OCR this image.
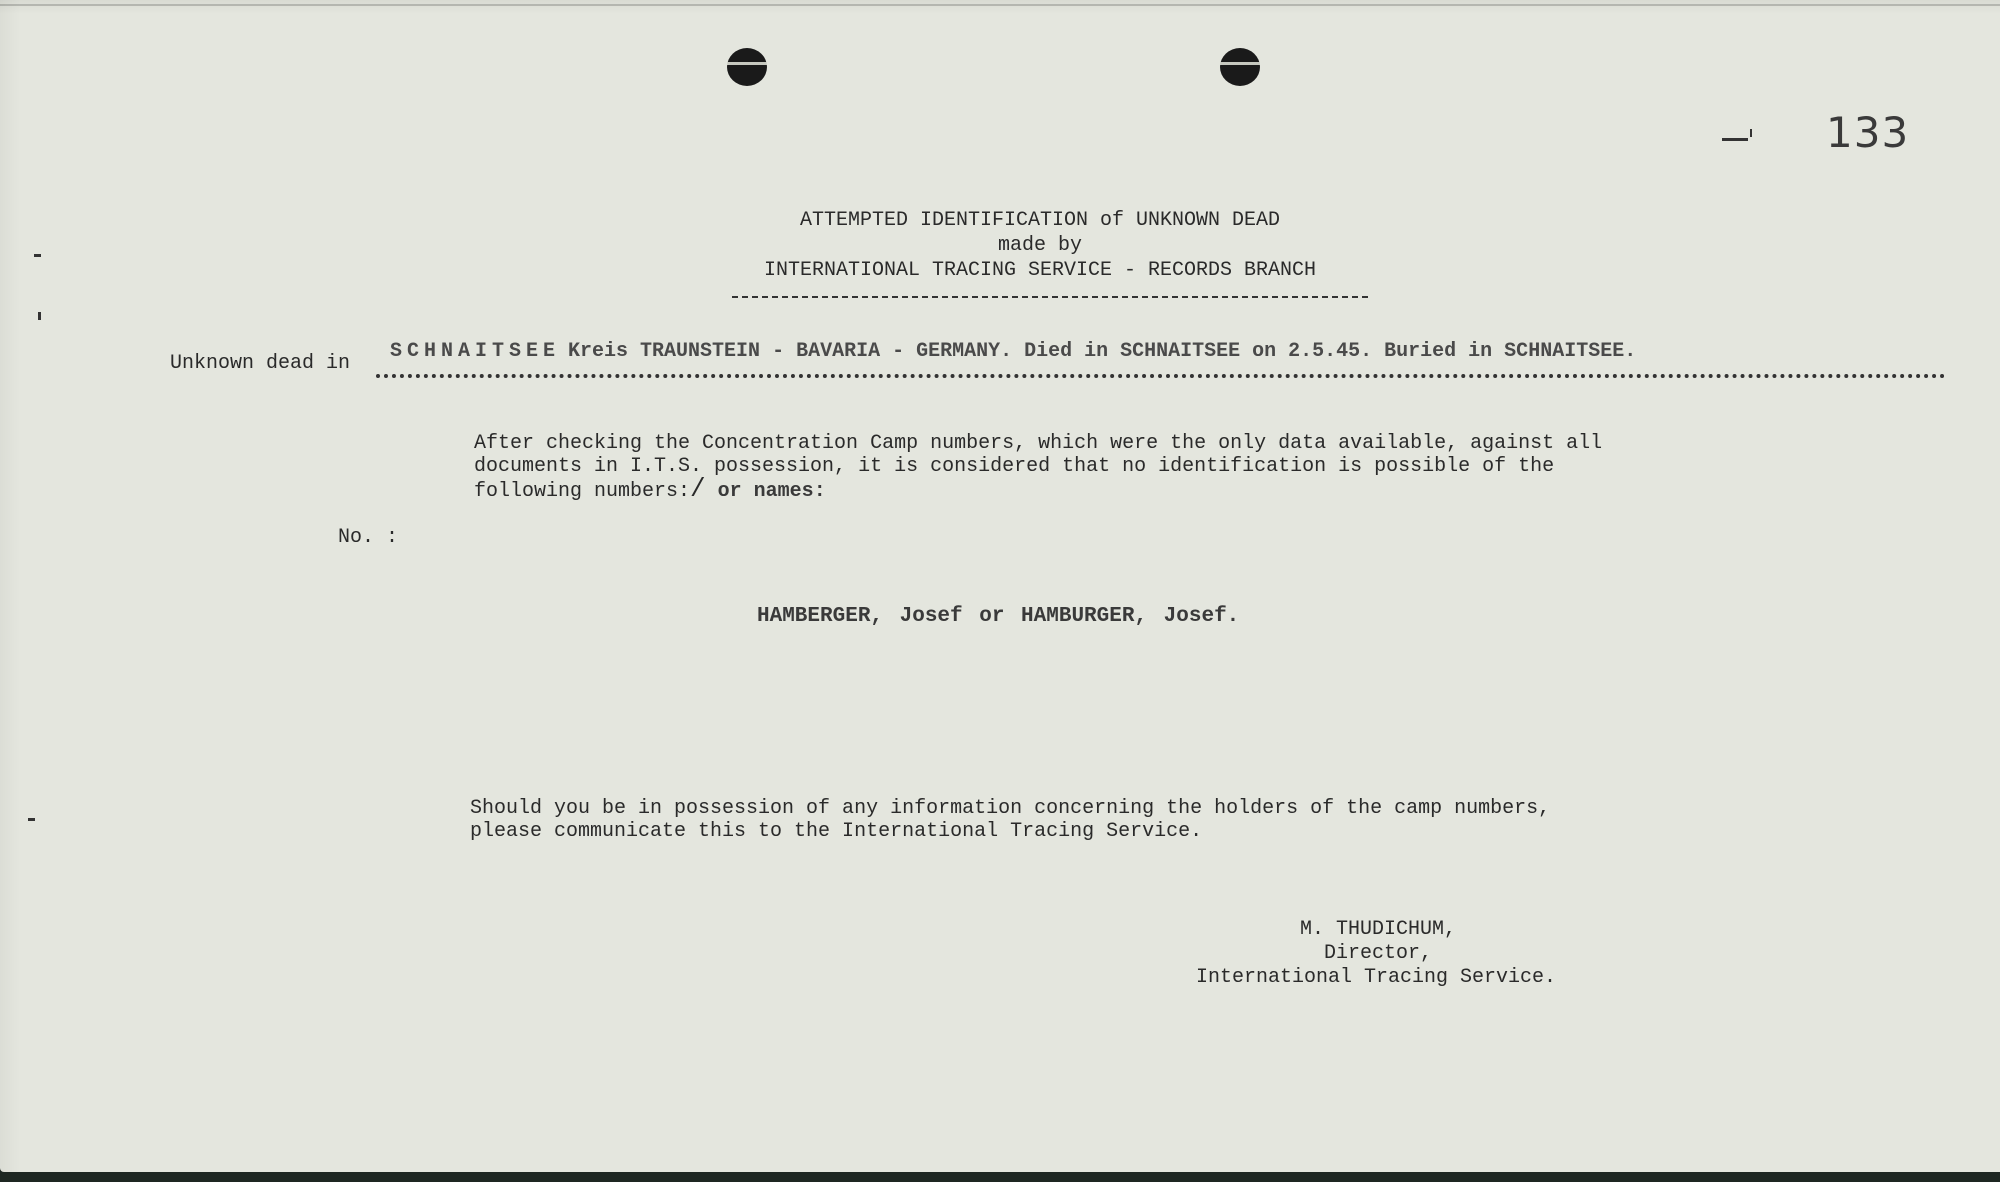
133
ATTEMPTED IDENTIFICATION of UNKNOWN DEAD
made by
INTERNATIONAL TRACING SERVICE - RECORDS BRANCH
Unknown dead in
SCHNAITSEE Kreis TRAUNSTEIN - BAVARIA - GERMANY. Died in SCHNAITSEE on 2.5.45. Buried in SCHNAITSEE.
After checking the Concentration Camp numbers, which were the only data available, against all
documents in I.T.S. possession, it is considered that no identification is possible of the
following numbers:/ or names:
No. :
HAMBERGER, Josef or HAMBURGER, Josef.
Should you be in possession of any information concerning the holders of the camp numbers,
please communicate this to the International Tracing Service.
M. THUDICHUM,
Director,
International Tracing Service.
